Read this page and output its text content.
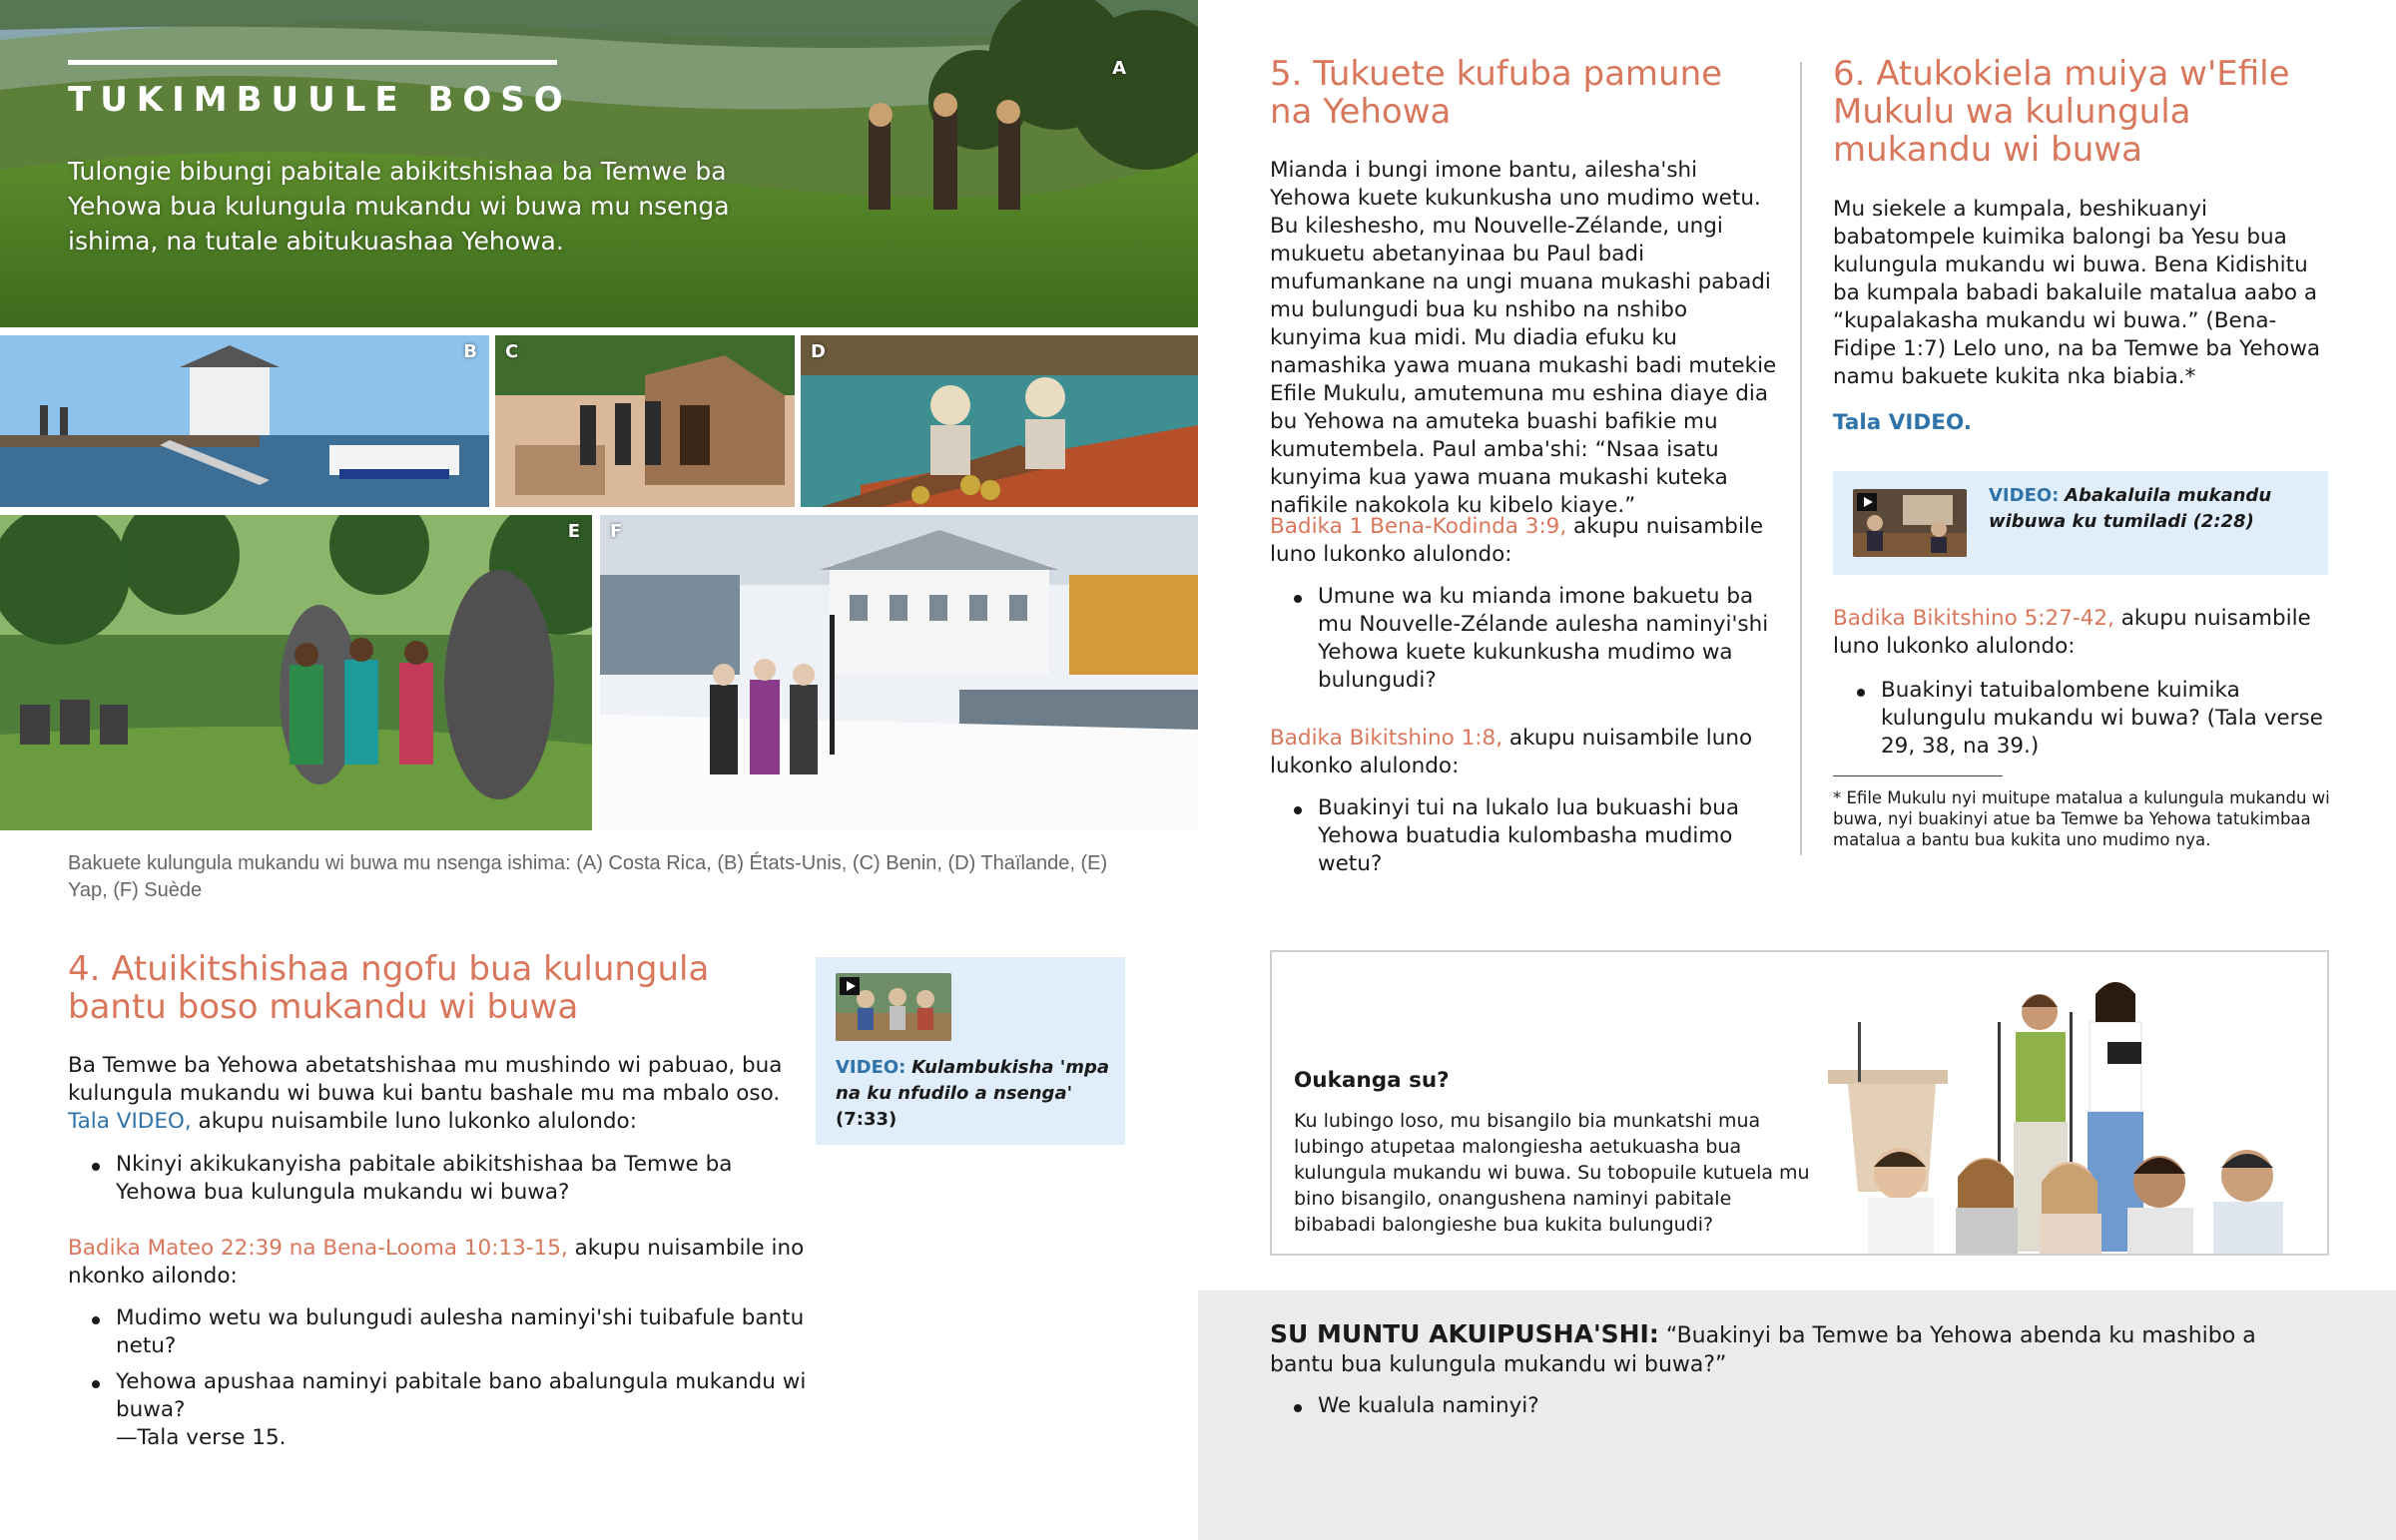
A
TUKIMBUULE BOSO
Tulongie bibungi pabitale abikitshishaa ba Temwe ba Yehowa bua kulungula mukandu wi buwa mu nsenga ishima, na tutale abitukuashaa Yehowa.
B C	D
E F
Bakuete kulungula mukandu wi buwa mu nsenga ishima: (A) Costa Rica, (B) États-Unis, (C) Benin, (D) Thaïlande, (E) Yap, (F) Suède
4. Atuikitshishaa ngofu bua kulungula bantu boso mukandu wi buwa

Ba Temwe ba Yehowa abetatshishaa mu mushindo wi pabuao, bua kulungula mukandu wi buwa kui bantu bashale mu ma mbalo oso. Tala VIDEO, akupu nuisambile luno lukonko alulondo:

Nkinyi akikukanyisha pabitale abikitshishaa ba Temwe ba Yehowa bua kulungula mukandu wi buwa?

Badika Mateo 22:39 na Bena-Looma 10:13-15, akupu nuisambile ino nkonko ailondo:

Mudimo wetu wa bulungudi aulesha naminyi'shi tuibafule bantu netu?
Yehowa apushaa naminyi pabitale bano abalungula mukandu wi buwa?
—Tala verse 15.
VIDEO: Kulambukisha 'mpa na ku nfudilo a nsenga'
(7:33)
5. Tukuete kufuba pamune na Yehowa

Mianda i bungi imone bantu, ailesha'shi Yehowa kuete kukunkusha uno mudimo wetu. Bu kileshesho, mu Nouvelle-Zélande, ungi mukuetu abetanyinaa bu Paul badi mufumankane na ungi muana mukashi pabadi mu bulungudi bua ku nshibo na nshibo kunyima kua midi. Mu diadia efuku ku namashika yawa muana mukashi badi mutekie Efile Mukulu, amutemuna mu eshina diaye dia bu Yehowa na amuteka buashi bafikie mu kumutembela. Paul amba'shi: “Nsaa isatu kunyima kua yawa muana mukashi kuteka nafikile nakokola ku kibelo kiaye.”

Badika 1 Bena-Kodinda 3:9, akupu nuisambile luno lukonko alulondo:

Umune wa ku mianda imone bakuetu ba mu Nouvelle-Zélande aulesha naminyi'shi Yehowa kuete kukunkusha mudimo wa bulungudi?

Badika Bikitshino 1:8, akupu nuisambile luno lukonko alulondo:

Buakinyi tui na lukalo lua bukuashi bua Yehowa buatudia kulombasha mudimo wetu?
6. Atukokiela muiya w'Efile Mukulu wa kulungula mukandu wi buwa

Mu siekele a kumpala, beshikuanyi babatompele kuimika balongi ba Yesu bua kulungula mukandu wi buwa. Bena Kidishitu ba kumpala babadi bakaluile matalua aabo a “kupalakasha mukandu wi buwa.” (Bena-Fidipe 1:7) Lelo uno, na ba Temwe ba Yehowa namu bakuete kukita nka biabia.*

Tala VIDEO.
VIDEO: Abakaluila mukandu wibuwa ku tumiladi (2:28)

Badika Bikitshino 5:27-42, akupu nuisambile luno lukonko alulondo:

Buakinyi tatuibalombene kuimika kulungulu mukandu wi buwa? (Tala verse 29, 38, na 39.)
* Efile Mukulu nyi muitupe matalua a kulungula mukandu wi buwa, nyi buakinyi atue ba Temwe ba Yehowa tatukimbaa matalua a bantu bua kukita uno mudimo nya.
Oukanga su?
Ku lubingo loso, mu bisangilo bia munkatshi mua lubingo atupetaa malongiesha aetukuasha bua kulungula mukandu wi buwa. Su tobopuile kutuela mu bino bisangilo, onangushena naminyi pabitale bibabadi balongieshe bua kukita bulungudi?

SU MUNTU AKUIPUSHA'SHI: “Buakinyi ba Temwe ba Yehowa abenda ku mashibo a bantu bua kulungula mukandu wi buwa?”

We kualula naminyi?
